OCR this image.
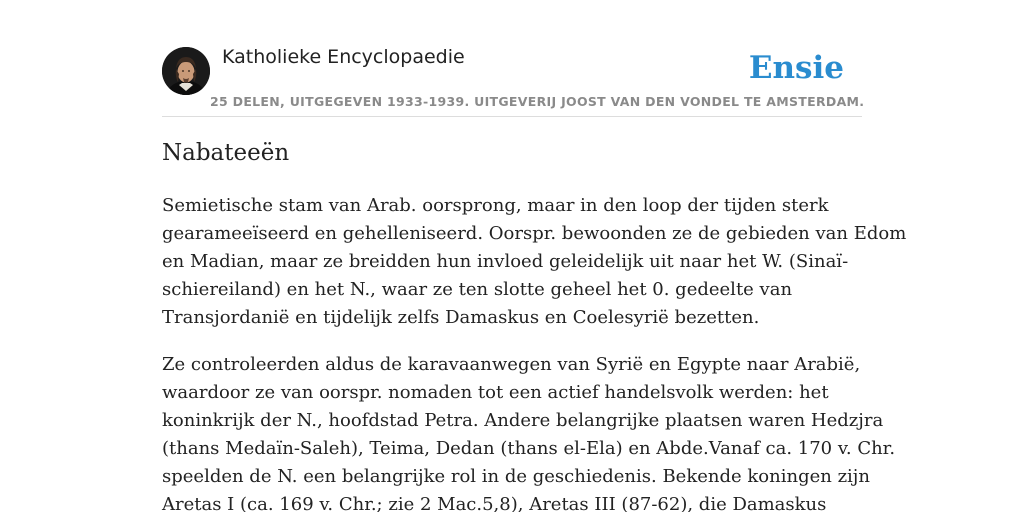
Katholieke Encyclopaedie
25 DELEN, UITGEGEVEN 1933-1939. UITGEVERIJ JOOST VAN DEN VONDEL TE AMSTERDAM.
Ensie
Nabateeën

Semietische stam van Arab. oorsprong, maar in den loop der tijden sterk
gearameeïseerd en gehelleniseerd. Oorspr. bewoonden ze de gebieden van Edom
en Madian, maar ze breidden hun invloed geleidelijk uit naar het W. (Sinaï-
schiereiland) en het N., waar ze ten slotte geheel het 0. gedeelte van
Transjordanië en tijdelijk zelfs Damaskus en Coelesyrië bezetten.

Ze controleerden aldus de karavaanwegen van Syrië en Egypte naar Arabië,
waardoor ze van oorspr. nomaden tot een actief handelsvolk werden: het
koninkrijk der N., hoofdstad Petra. Andere belangrijke plaatsen waren Hedzjra
(thans Medaïn-Saleh), Teima, Dedan (thans el-Ela) en Abde.Vanaf ca. 170 v. Chr.
speelden de N. een belangrijke rol in de geschiedenis. Bekende koningen zijn
Aretas I (ca. 169 v. Chr.; zie 2 Mac.5,8), Aretas III (87-62), die Damaskus
